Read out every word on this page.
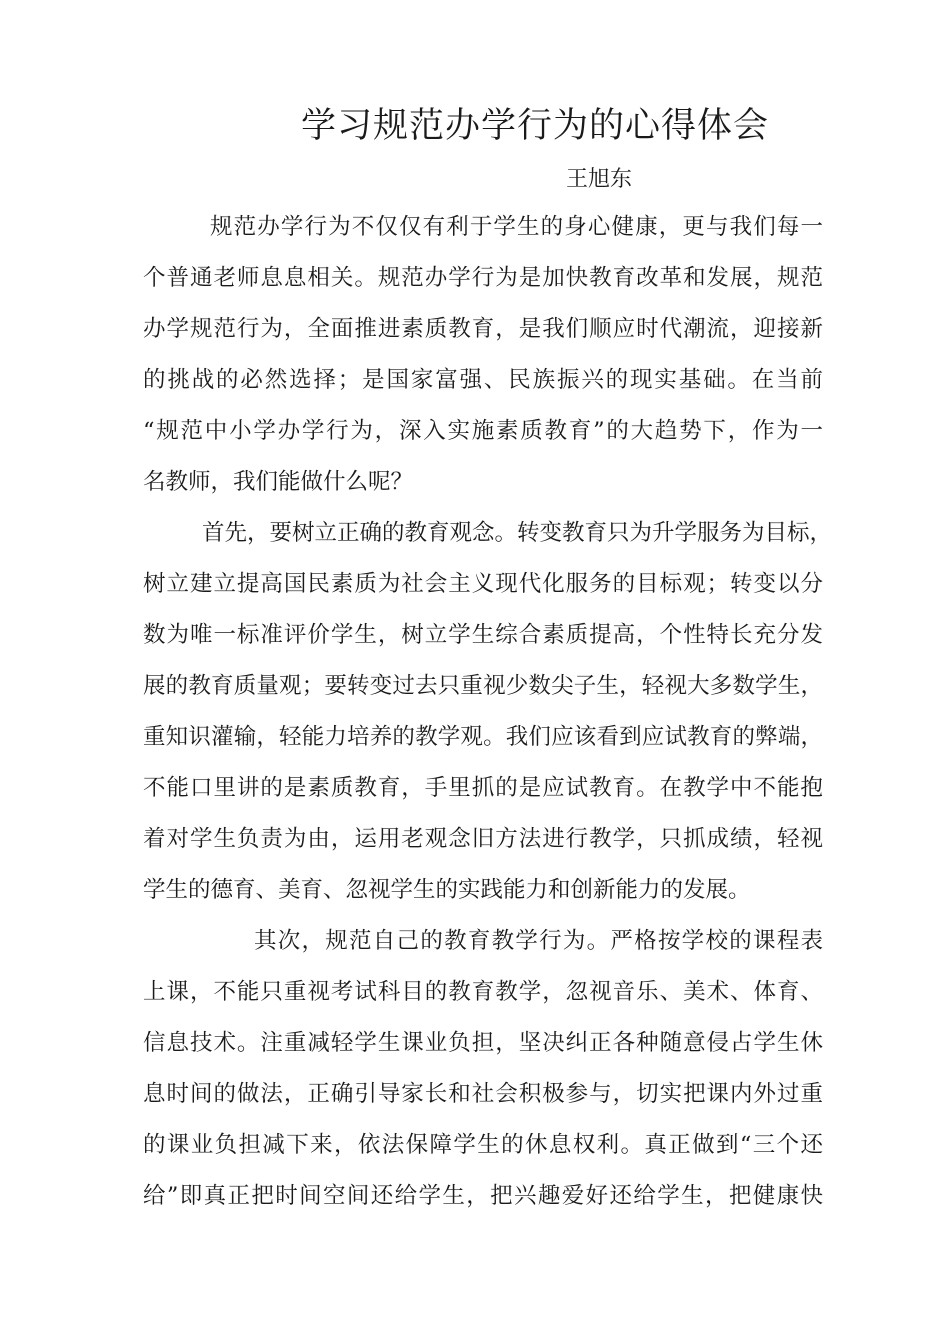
学习规范办学行为的心得体会
王旭东
规范办学行为不仅仅有利于学生的身心健康，更与我们每一
个普通老师息息相关。规范办学行为是加快教育改革和发展，规范
办学规范行为，全面推进素质教育，是我们顺应时代潮流，迎接新
的挑战的必然选择；是国家富强、民族振兴的现实基础。在当前
“规范中小学办学行为，深入实施素质教育”的大趋势下，作为一
名教师，我们能做什么呢？
首先，要树立正确的教育观念。转变教育只为升学服务为目标，
树立建立提高国民素质为社会主义现代化服务的目标观；转变以分
数为唯一标准评价学生，树立学生综合素质提高，个性特长充分发
展的教育质量观；要转变过去只重视少数尖子生，轻视大多数学生，
重知识灌输，轻能力培养的教学观。我们应该看到应试教育的弊端，
不能口里讲的是素质教育，手里抓的是应试教育。在教学中不能抱
着对学生负责为由，运用老观念旧方法进行教学，只抓成绩，轻视
学生的德育、美育、忽视学生的实践能力和创新能力的发展。
其次，规范自己的教育教学行为。严格按学校的课程表
上课，不能只重视考试科目的教育教学，忽视音乐、美术、体育、
信息技术。注重减轻学生课业负担，坚决纠正各种随意侵占学生休
息时间的做法，正确引导家长和社会积极参与，切实把课内外过重
的课业负担减下来，依法保障学生的休息权利。真正做到“三个还
给”即真正把时间空间还给学生，把兴趣爱好还给学生，把健康快
